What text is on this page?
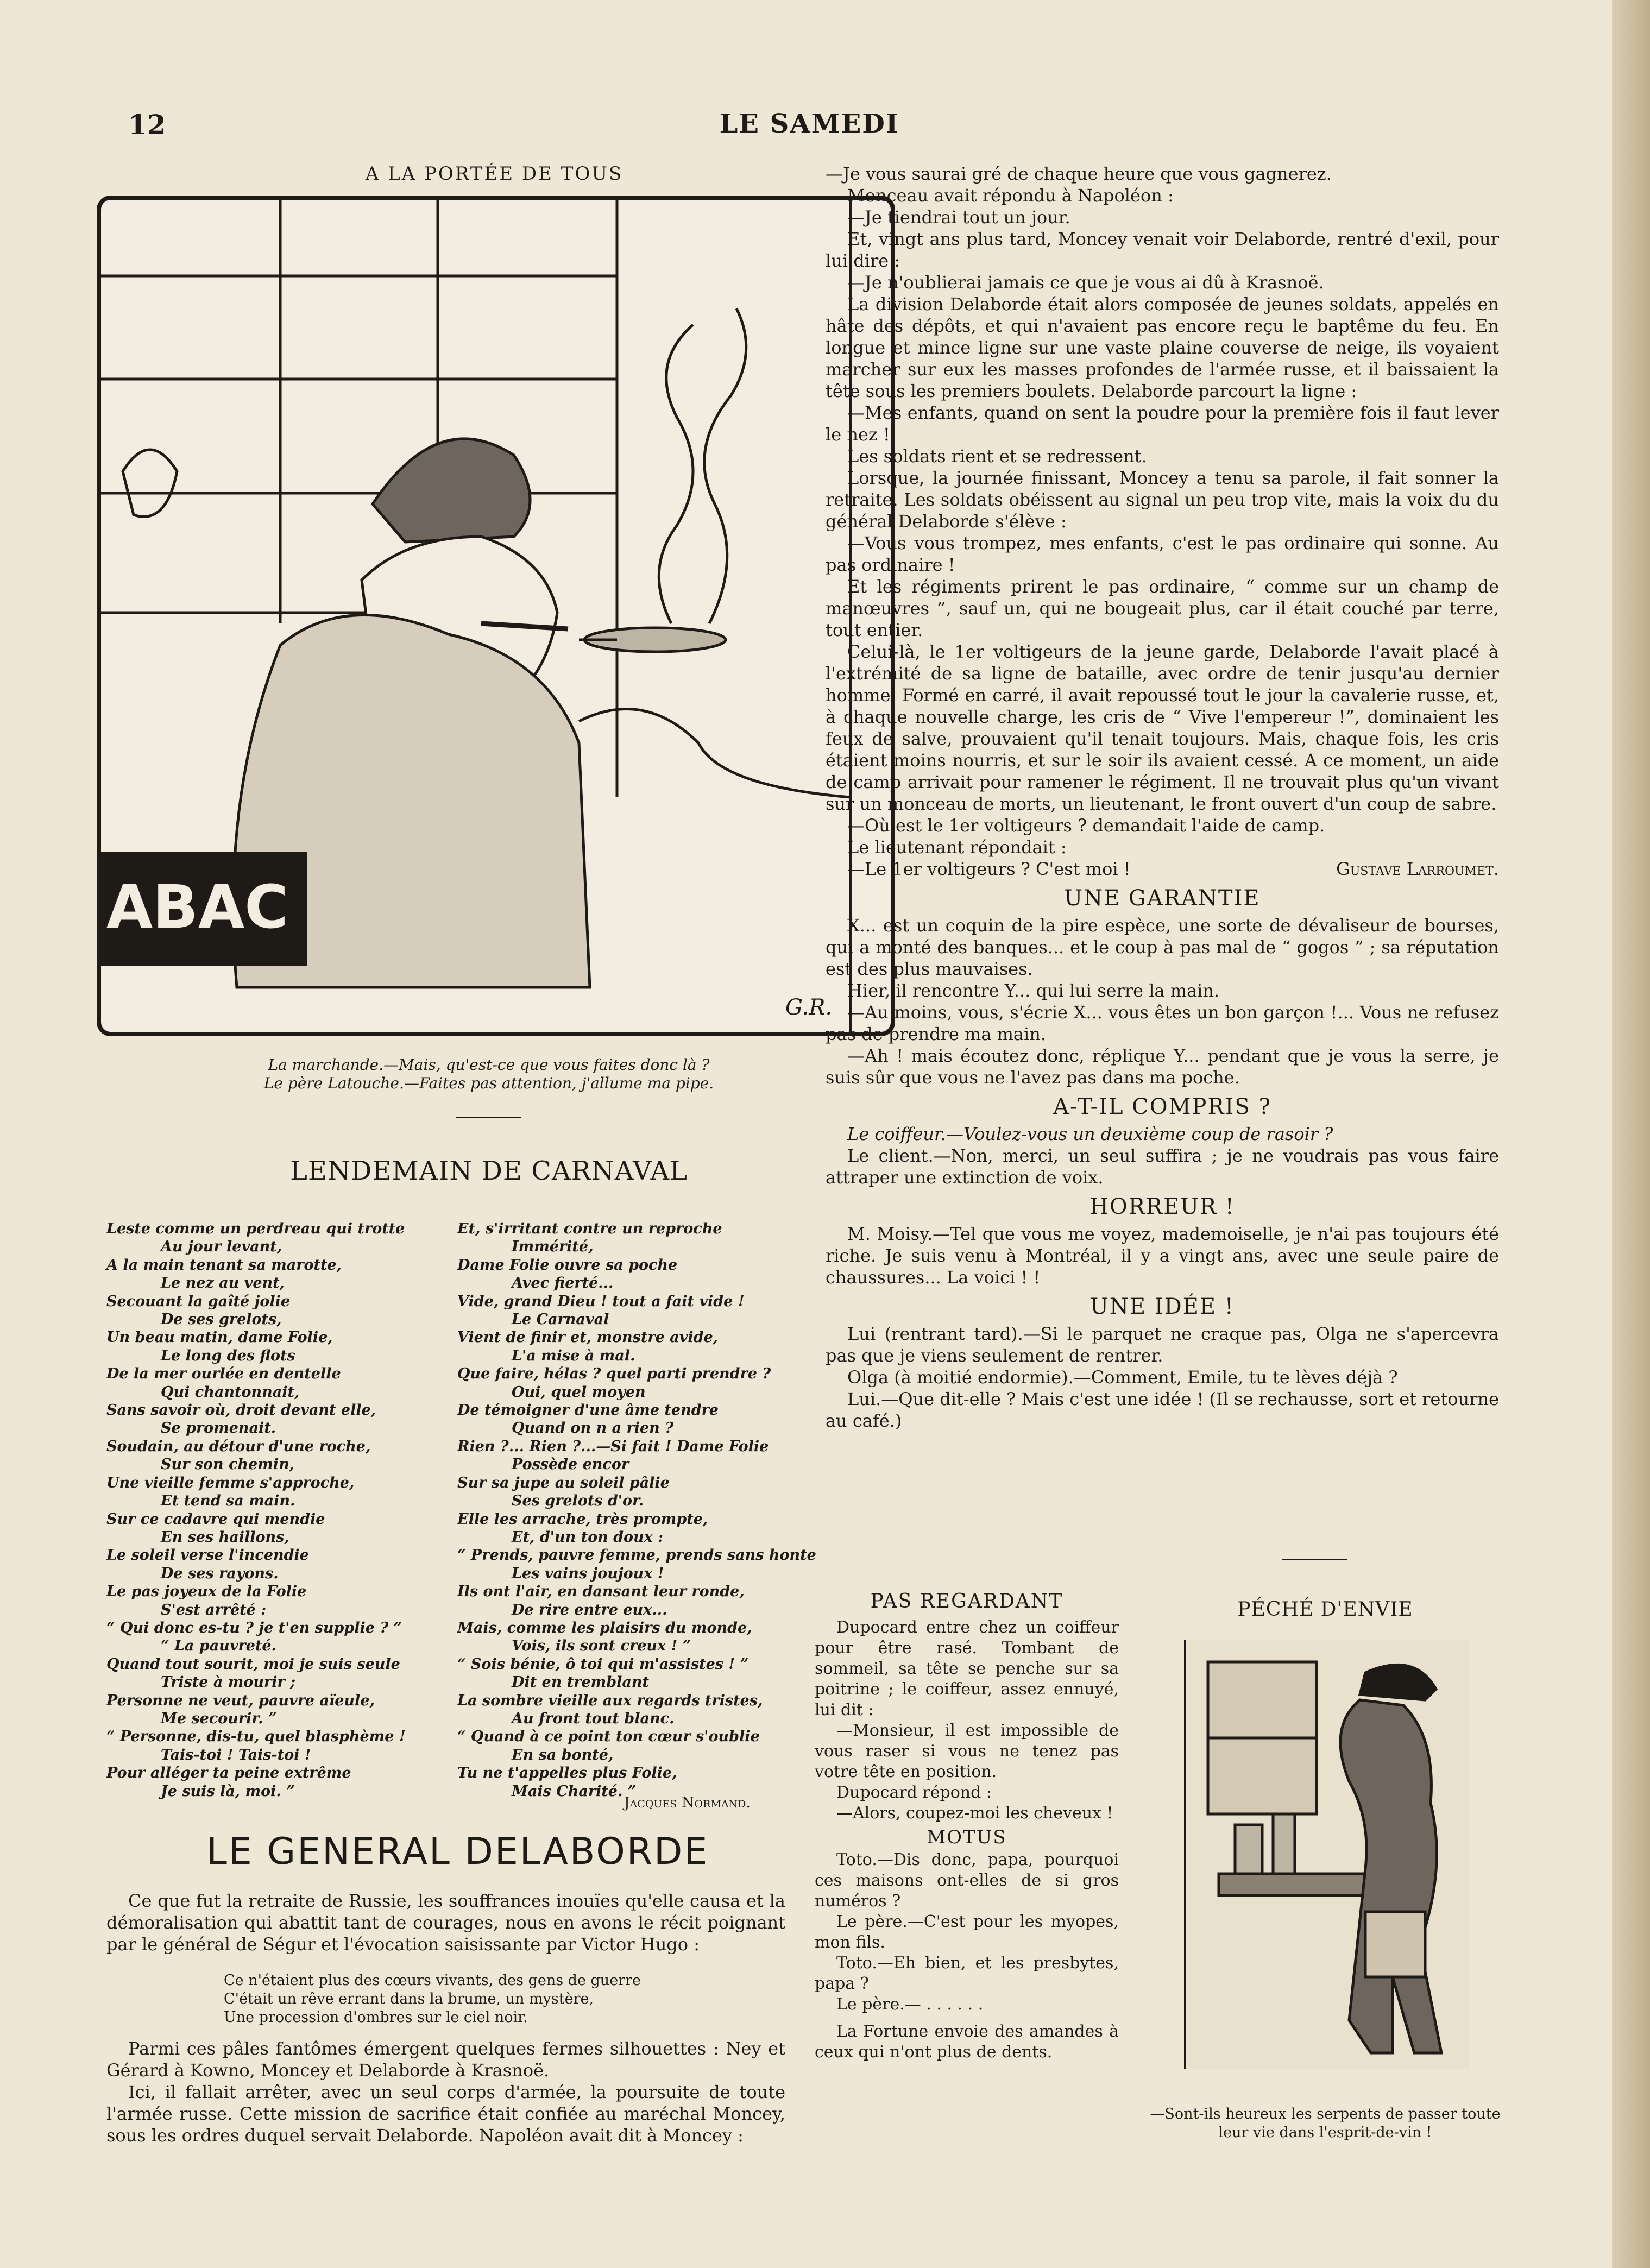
12	LE SAMEDI
A LA PORTÉE DE TOUS
ABAC
G.R.
La marchande.—Mais, qu'est-ce que vous faites donc là ?
Le père Latouche.—Faites pas attention, j'allume ma pipe.
LENDEMAIN DE CARNAVAL
Leste comme un perdreau qui trotte
Au jour levant,
A la main tenant sa marotte,
Le nez au vent,
Secouant la gaîté jolie
De ses grelots,
Un beau matin, dame Folie,
Le long des flots
De la mer ourlée en dentelle
Qui chantonnait,
Sans savoir où, droit devant elle,
Se promenait.
Soudain, au détour d'une roche,
Sur son chemin,
Une vieille femme s'approche,
Et tend sa main.
Sur ce cadavre qui mendie
En ses haillons,
Le soleil verse l'incendie
De ses rayons.
Le pas joyeux de la Folie
S'est arrêté :
“ Qui donc es-tu ? je t'en supplie ? ”
“ La pauvreté.
Quand tout sourit, moi je suis seule
Triste à mourir ;
Personne ne veut, pauvre aïeule,
Me secourir. ”
“ Personne, dis-tu, quel blasphème !
Tais-toi ! Tais-toi !
Pour alléger ta peine extrême
Je suis là, moi. ”
Et, s'irritant contre un reproche
Immérité,
Dame Folie ouvre sa poche
Avec fierté...
Vide, grand Dieu ! tout a fait vide !
Le Carnaval
Vient de finir et, monstre avide,
L'a mise à mal.
Que faire, hélas ? quel parti prendre ?
Oui, quel moyen
De témoigner d'une âme tendre
Quand on n a rien ?
Rien ?... Rien ?...—Si fait ! Dame Folie
Possède encor
Sur sa jupe au soleil pâlie
Ses grelots d'or.
Elle les arrache, très prompte,
Et, d'un ton doux :
“ Prends, pauvre femme, prends sans honte
Les vains joujoux !
Ils ont l'air, en dansant leur ronde,
De rire entre eux...
Mais, comme les plaisirs du monde,
Vois, ils sont creux ! ”
“ Sois bénie, ô toi qui m'assistes ! ”
Dit en tremblant
La sombre vieille aux regards tristes,
Au front tout blanc.
“ Quand à ce point ton cœur s'oublie
En sa bonté,
Tu ne t'appelles plus Folie,
Mais Charité. ”
Jacques Normand.
LE GENERAL DELABORDE

Ce que fut la retraite de Russie, les souffrances inouïes qu'elle causa et la démoralisation qui abattit tant de courages, nous en avons le récit poignant par le général de Ségur et l'évocation saisissante par Victor Hugo :

Ce n'étaient plus des cœurs vivants, des gens de guerre
C'était un rêve errant dans la brume, un mystère,
Une procession d'ombres sur le ciel noir.

Parmi ces pâles fantômes émergent quelques fermes silhouettes : Ney et Gérard à Kowno, Moncey et Delaborde à Krasnoë.

Ici, il fallait arrêter, avec un seul corps d'armée, la poursuite de toute l'armée russe. Cette mission de sacrifice était confiée au maréchal Moncey, sous les ordres duquel servait Delaborde. Napoléon avait dit à Moncey :

—Je vous saurai gré de chaque heure que vous gagnerez.

Monceau avait répondu à Napoléon :

—Je tiendrai tout un jour.

Et, vingt ans plus tard, Moncey venait voir Delaborde, rentré d'exil, pour lui dire :

—Je n'oublierai jamais ce que je vous ai dû à Krasnoë.

La division Delaborde était alors composée de jeunes soldats, appelés en hâte des dépôts, et qui n'avaient pas encore reçu le baptême du feu. En longue et mince ligne sur une vaste plaine couverse de neige, ils voyaient marcher sur eux les masses profondes de l'armée russe, et il baissaient la tête sous les premiers boulets. Delaborde parcourt la ligne :

—Mes enfants, quand on sent la poudre pour la première fois il faut lever le nez !

Les soldats rient et se redressent.

Lorsque, la journée finissant, Moncey a tenu sa parole, il fait sonner la retraite. Les soldats obéissent au signal un peu trop vite, mais la voix du du général Delaborde s'élève :

—Vous vous trompez, mes enfants, c'est le pas ordinaire qui sonne. Au pas ordinaire !

Et les régiments prirent le pas ordinaire, “ comme sur un champ de manœuvres ”, sauf un, qui ne bougeait plus, car il était couché par terre, tout entier.

Celui-là, le 1er voltigeurs de la jeune garde, Delaborde l'avait placé à l'extrémité de sa ligne de bataille, avec ordre de tenir jusqu'au dernier homme. Formé en carré, il avait repoussé tout le jour la cavalerie russe, et, à chaque nouvelle charge, les cris de “ Vive l'empereur !”, dominaient les feux de salve, prouvaient qu'il tenait toujours. Mais, chaque fois, les cris étaient moins nourris, et sur le soir ils avaient cessé. A ce moment, un aide de camp arrivait pour ramener le régiment. Il ne trouvait plus qu'un vivant sur un monceau de morts, un lieutenant, le front ouvert d'un coup de sabre.

—Où est le 1er voltigeurs ? demandait l'aide de camp.

Le lieutenant répondait :

—Le 1er voltigeurs ? C'est moi !	Gustave Larroumet.

UNE GARANTIE

X... est un coquin de la pire espèce, une sorte de dévaliseur de bourses, qui a monté des banques... et le coup à pas mal de “ gogos ” ; sa réputation est des plus mauvaises.

Hier, il rencontre Y... qui lui serre la main.

—Au moins, vous, s'écrie X... vous êtes un bon garçon !... Vous ne refusez pas de prendre ma main.

—Ah ! mais écoutez donc, réplique Y... pendant que je vous la serre, je suis sûr que vous ne l'avez pas dans ma poche.

A-T-IL COMPRIS ?

Le coiffeur.—Voulez-vous un deuxième coup de rasoir ?

Le client.—Non, merci, un seul suffira ; je ne voudrais pas vous faire attraper une extinction de voix.

HORREUR !

M. Moisy.—Tel que vous me voyez, mademoiselle, je n'ai pas toujours été riche. Je suis venu à Montréal, il y a vingt ans, avec une seule paire de chaussures... La voici ! !

UNE IDÉE !

Lui (rentrant tard).—Si le parquet ne craque pas, Olga ne s'apercevra pas que je viens seulement de rentrer.

Olga (à moitié endormie).—Comment, Emile, tu te lèves déjà ?

Lui.—Que dit-elle ? Mais c'est une idée ! (Il se rechausse, sort et retourne au café.)

PAS REGARDANT

Dupocard entre chez un coiffeur pour être rasé. Tombant de sommeil, sa tête se penche sur sa poitrine ; le coiffeur, assez ennuyé, lui dit :

—Monsieur, il est impossible de vous raser si vous ne tenez pas votre tête en position.

Dupocard répond :

—Alors, coupez-moi les cheveux !

MOTUS

Toto.—Dis donc, papa, pourquoi ces maisons ont-elles de si gros numéros ?

Le père.—C'est pour les myopes, mon fils.

Toto.—Eh bien, et les presbytes, papa ?

Le père.— . . . . . .

La Fortune envoie des amandes à ceux qui n'ont plus de dents.

PÉCHÉ D'ENVIE
—Sont-ils heureux les serpents de passer toute leur vie dans l'esprit-de-vin !
